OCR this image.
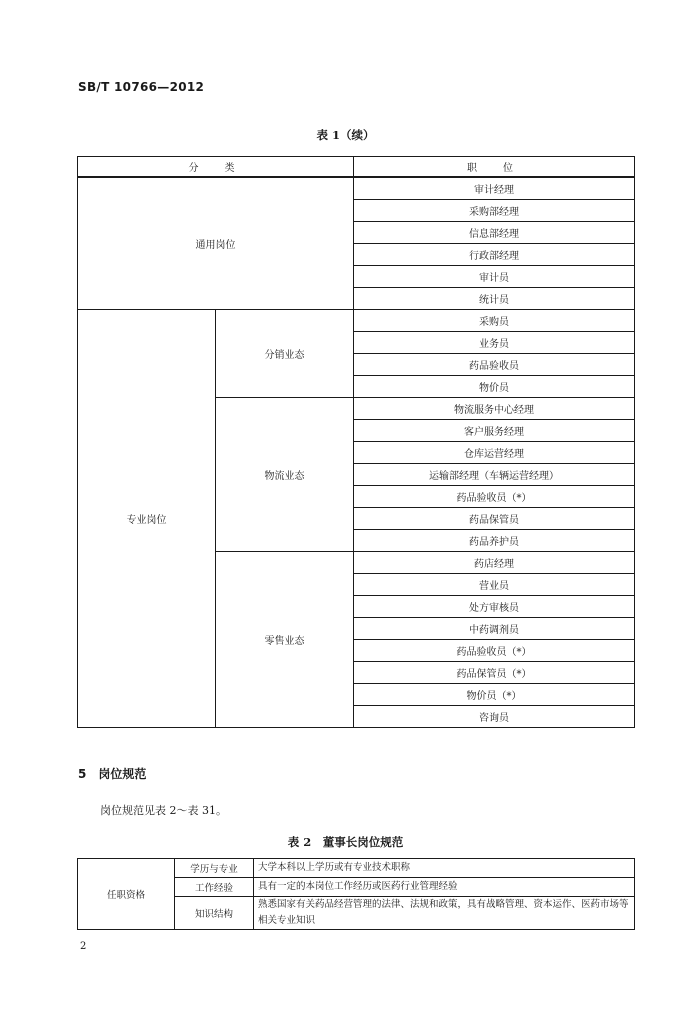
SB/T 10766—2012
表 1（续）
分　类		职　位
通用岗位		审计经理
		采购部经理
		信息部经理
		行政部经理
		审计员
		统计员
专业岗位	分销业态	采购员
		业务员
		药品验收员
		物价员
	物流业态	物流服务中心经理
		客户服务经理
		仓库运营经理
		运输部经理（车辆运营经理）
		药品验收员（*）
		药品保管员
		药品养护员
	零售业态	药店经理
		营业员
		处方审核员
		中药调剂员
		药品验收员（*）
		药品保管员（*）
		物价员（*）
		咨询员
5　岗位规范
岗位规范见表 2～表 31。
表 2　董事长岗位规范
任职资格	学历与专业	大学本科以上学历或有专业技术职称
	工作经验	具有一定的本岗位工作经历或医药行业管理经验
	知识结构	熟悉国家有关药品经营管理的法律、法规和政策，具有战略管理、资本运作、医药市场等相关专业知识
2
